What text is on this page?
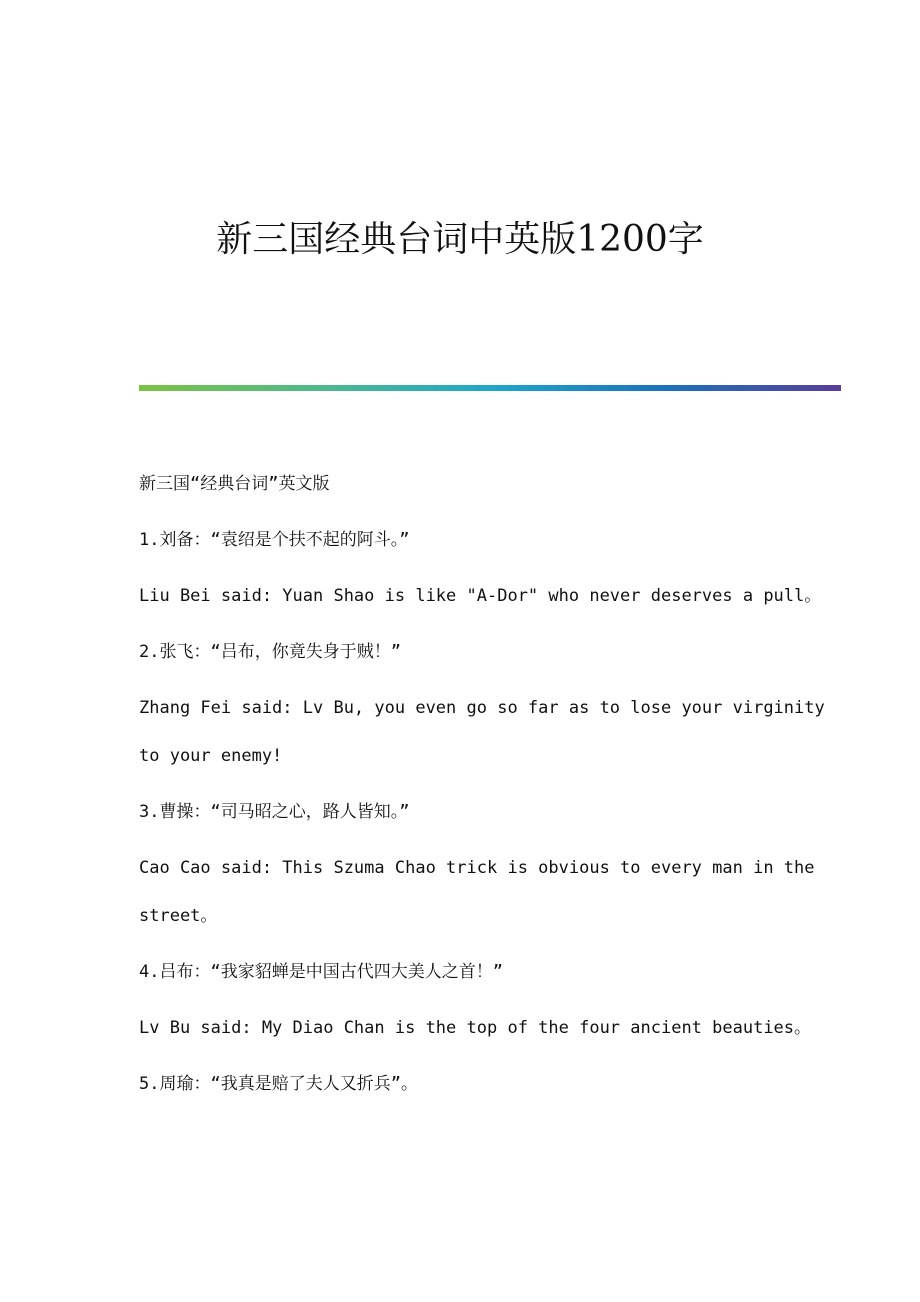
新三国经典台词中英版1200字

新三国“经典台词”英文版

1.刘备：“袁绍是个扶不起的阿斗。”

Liu Bei said: Yuan Shao is like "A-Dor" who never deserves a pull。

2.张飞：“吕布，你竟失身于贼！”

Zhang Fei said: Lv Bu, you even go so far as to lose your virginity

to your enemy!

3.曹操：“司马昭之心，路人皆知。”

Cao Cao said: This Szuma Chao trick is obvious to every man in the

street。

4.吕布：“我家貂蝉是中国古代四大美人之首！”

Lv Bu said: My Diao Chan is the top of the four ancient beauties。

5.周瑜：“我真是赔了夫人又折兵”。
